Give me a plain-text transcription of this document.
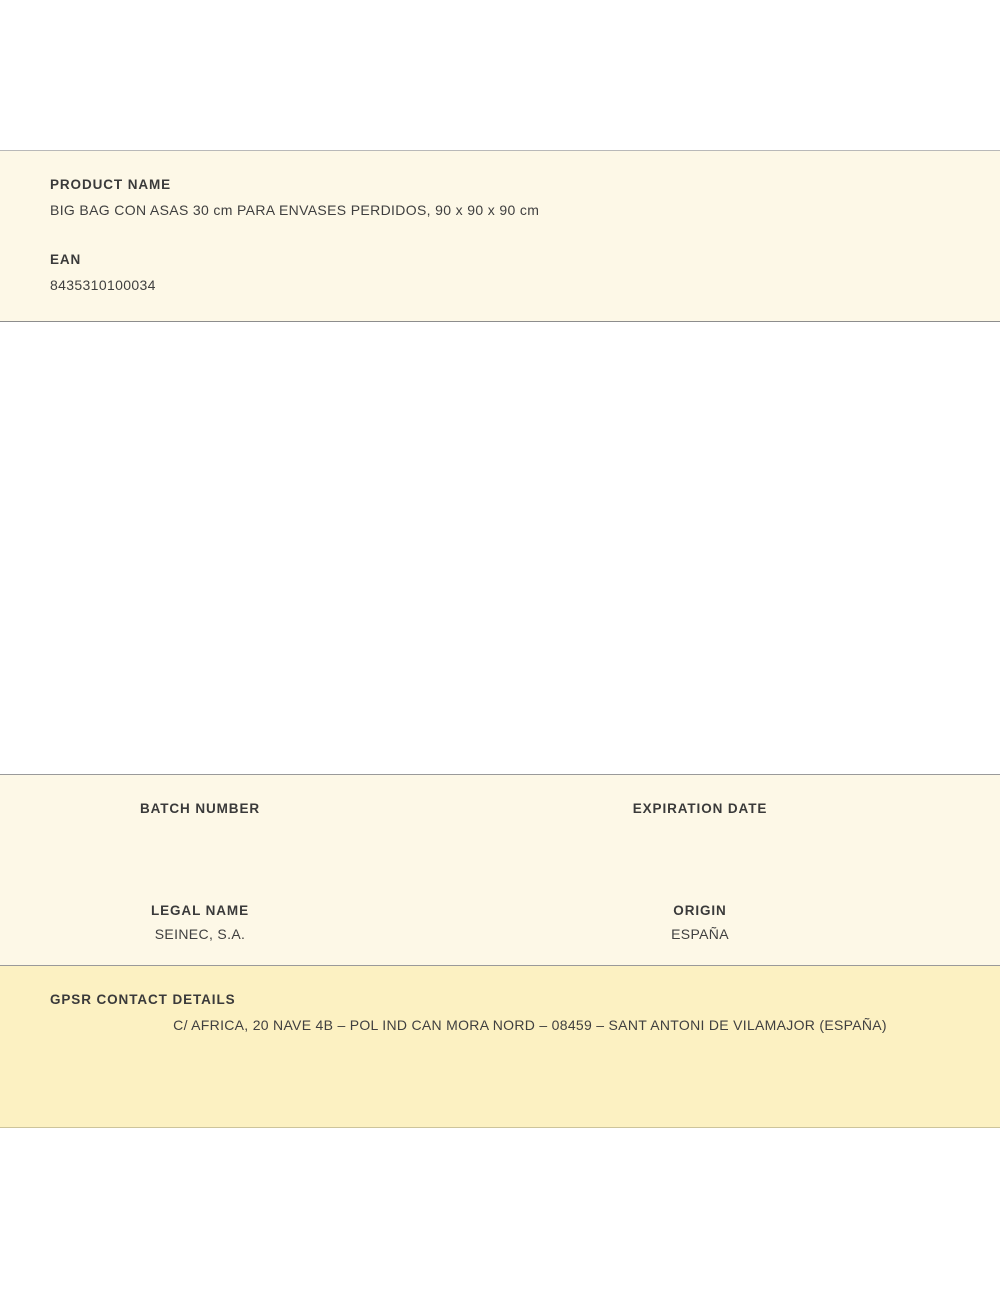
PRODUCT NAME

BIG BAG CON ASAS 30 cm PARA ENVASES PERDIDOS, 90 x 90 x 90 cm

EAN

8435310100034

BATCH NUMBER	EXPIRATION DATE

LEGAL NAME

SEINEC, S.A.

ORIGIN

ESPAÑA

GPSR CONTACT DETAILS

C/ AFRICA, 20 NAVE 4B – POL IND CAN MORA NORD – 08459 – SANT ANTONI DE VILAMAJOR (ESPAÑA)
